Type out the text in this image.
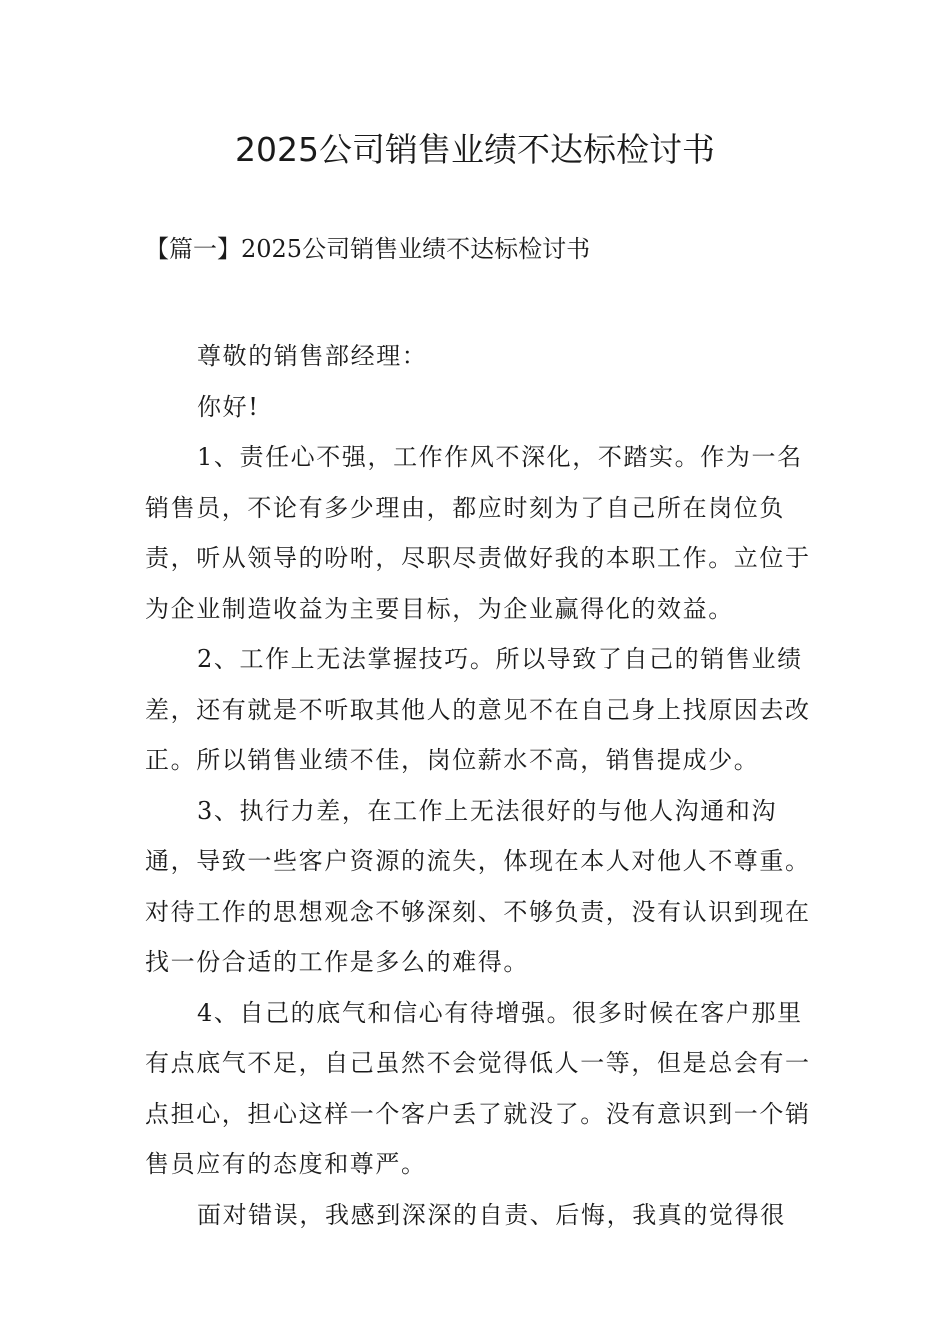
2025公司销售业绩不达标检讨书
【篇一】2025公司销售业绩不达标检讨书

尊敬的销售部经理：

你好!

1、责任心不强，工作作风不深化，不踏实。作为一名销售员，不论有多少理由，都应时刻为了自己所在岗位负责，听从领导的吩咐，尽职尽责做好我的本职工作。立位于为企业制造收益为主要目标，为企业赢得化的效益。

2、工作上无法掌握技巧。所以导致了自己的销售业绩差，还有就是不听取其他人的意见不在自己身上找原因去改正。所以销售业绩不佳，岗位薪水不高，销售提成少。

3、执行力差，在工作上无法很好的与他人沟通和沟通，导致一些客户资源的流失，体现在本人对他人不尊重。对待工作的思想观念不够深刻、不够负责，没有认识到现在找一份合适的工作是多么的难得。

4、自己的底气和信心有待增强。很多时候在客户那里有点底气不足，自己虽然不会觉得低人一等，但是总会有一点担心，担心这样一个客户丢了就没了。没有意识到一个销售员应有的态度和尊严。

面对错误，我感到深深的自责、后悔，我真的觉得很
